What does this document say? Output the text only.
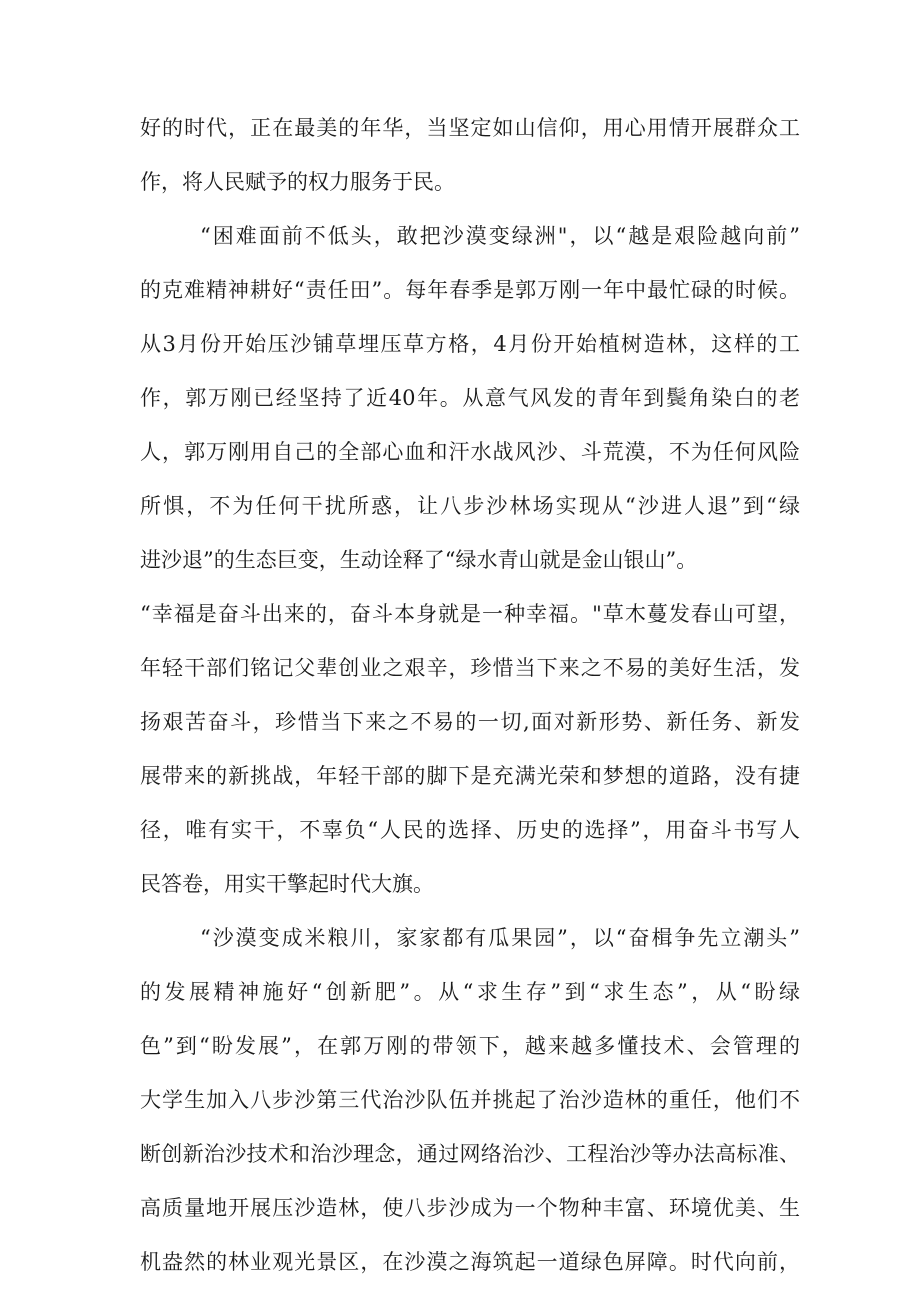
好的时代，正在最美的年华，当坚定如山信仰，用心用情开展群众工
作，将人民赋予的权力服务于民。
“困难面前不低头，敢把沙漠变绿洲"，以“越是艰险越向前”
的克难精神耕好“责任田”。每年春季是郭万刚一年中最忙碌的时候。
从3月份开始压沙铺草埋压草方格，4月份开始植树造林，这样的工
作，郭万刚已经坚持了近40年。从意气风发的青年到鬓角染白的老
人，郭万刚用自己的全部心血和汗水战风沙、斗荒漠，不为任何风险
所惧，不为任何干扰所惑，让八步沙林场实现从“沙进人退”到“绿
进沙退”的生态巨变，生动诠释了“绿水青山就是金山银山”。
“幸福是奋斗出来的，奋斗本身就是一种幸福。"草木蔓发春山可望，
年轻干部们铭记父辈创业之艰辛，珍惜当下来之不易的美好生活，发
扬艰苦奋斗，珍惜当下来之不易的一切,面对新形势、新任务、新发
展带来的新挑战，年轻干部的脚下是充满光荣和梦想的道路，没有捷
径，唯有实干，不辜负“人民的选择、历史的选择”，用奋斗书写人
民答卷，用实干擎起时代大旗。
“沙漠变成米粮川，家家都有瓜果园”，以“奋楫争先立潮头”
的发展精神施好“创新肥”。从“求生存”到“求生态”，从“盼绿
色”到“盼发展”，在郭万刚的带领下，越来越多懂技术、会管理的
大学生加入八步沙第三代治沙队伍并挑起了治沙造林的重任，他们不
断创新治沙技术和治沙理念，通过网络治沙、工程治沙等办法高标准、
高质量地开展压沙造林，使八步沙成为一个物种丰富、环境优美、生
机盎然的林业观光景区，在沙漠之海筑起一道绿色屏障。时代向前，
